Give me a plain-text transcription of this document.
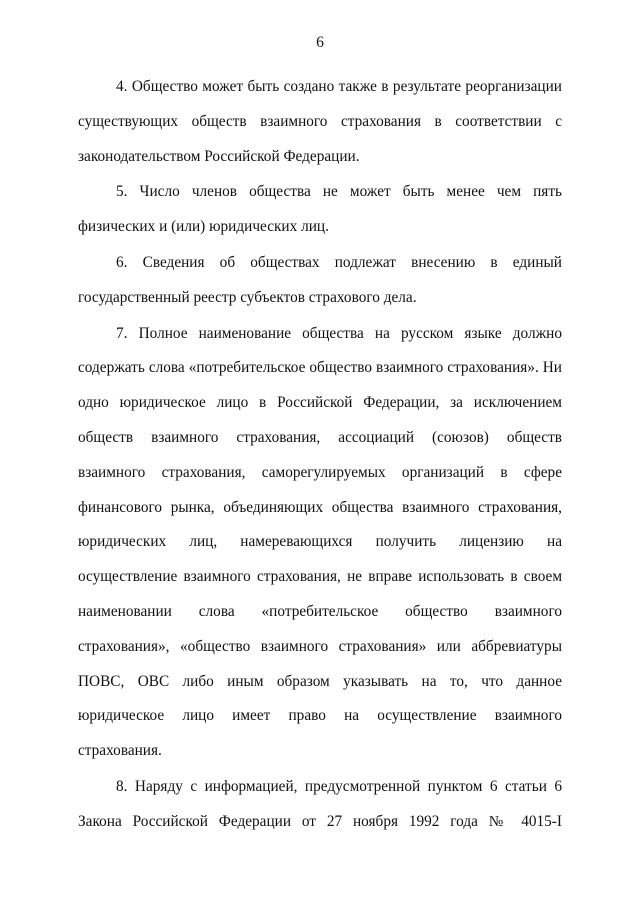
6

4. Общество может быть создано также в результате реорганизации существующих обществ взаимного страхования в соответствии с законодательством Российской Федерации.

5. Число членов общества не может быть менее чем пять физических и (или) юридических лиц.

6. Сведения об обществах подлежат внесению в единый государственный реестр субъектов страхового дела.

7. Полное наименование общества на русском языке должно содержать слова «потребительское общество взаимного страхования». Ни одно юридическое лицо в Российской Федерации, за исключением обществ взаимного страхования, ассоциаций (союзов) обществ взаимного страхования, саморегулируемых организаций в сфере финансового рынка, объединяющих общества взаимного страхования, юридических лиц, намеревающихся получить лицензию на осуществление взаимного страхования, не вправе использовать в своем наименовании слова «потребительское общество взаимного страхования», «общество взаимного страхования» или аббревиатуры ПОВС, ОВС либо иным образом указывать на то, что данное юридическое лицо имеет право на осуществление взаимного страхования.

8. Наряду с информацией, предусмотренной пунктом 6 статьи 6 Закона Российской Федерации от 27 ноября 1992 года № 4015-I
